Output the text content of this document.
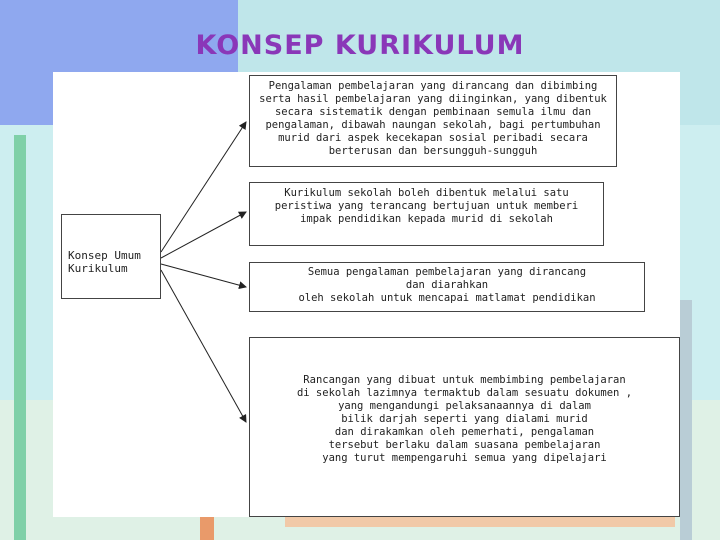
KONSEP KURIKULUM

Konsep Umum

Kurikulum

Pengalaman pembelajaran yang dirancang dan dibimbing

serta hasil pembelajaran yang diinginkan, yang dibentuk

secara sistematik dengan pembinaan semula ilmu dan

pengalaman, dibawah naungan sekolah, bagi pertumbuhan

murid dari aspek kecekapan sosial peribadi secara

berterusan dan bersungguh-sungguh

Kurikulum sekolah boleh dibentuk melalui satu

peristiwa yang terancang bertujuan untuk memberi

impak pendidikan kepada murid di sekolah

Semua pengalaman pembelajaran yang dirancang

dan diarahkan

oleh sekolah untuk mencapai matlamat pendidikan

Rancangan yang dibuat untuk membimbing pembelajaran

di sekolah lazimnya termaktub dalam sesuatu dokumen ,

yang mengandungi pelaksanaannya di dalam

bilik darjah seperti yang dialami murid

dan dirakamkan oleh pemerhati, pengalaman

tersebut berlaku dalam suasana pembelajaran

yang turut mempengaruhi semua yang dipelajari
